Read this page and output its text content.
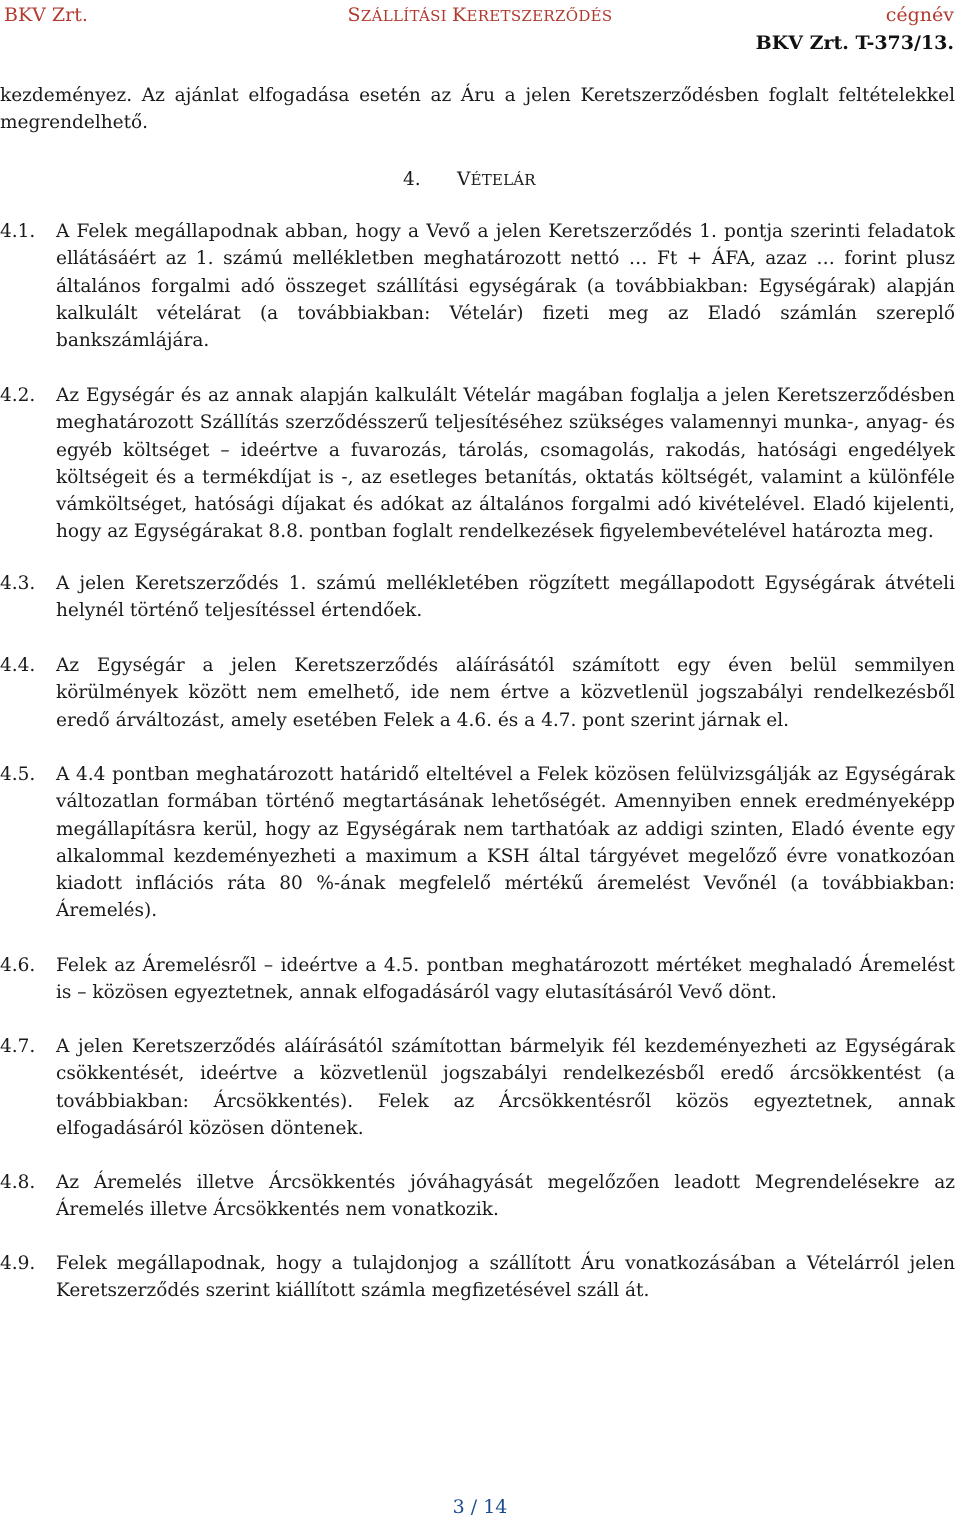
BKV Zrt.	SZÁLLÍTÁSI KERETSZERZŐDÉS	cégnév
BKV Zrt. T-373/13.
kezdeményez. Az ajánlat elfogadása esetén az Áru a jelen Keretszerződésben foglalt feltételekkel megrendelhető.
4. VÉTELÁR
4.1.	A Felek megállapodnak abban, hogy a Vevő a jelen Keretszerződés 1. pontja szerinti feladatok ellátásáért az 1. számú mellékletben meghatározott nettó … Ft + ÁFA, azaz … forint plusz általános forgalmi adó összeget szállítási egységárak (a továbbiakban: Egységárak) alapján kalkulált vételárat (a továbbiakban: Vételár) fizeti meg az Eladó számlán szereplő bankszámlájára.
4.2.	Az Egységár és az annak alapján kalkulált Vételár magában foglalja a jelen Keretszerződésben meghatározott Szállítás szerződésszerű teljesítéséhez szükséges valamennyi munka-, anyag- és egyéb költséget – ideértve a fuvarozás, tárolás, csomagolás, rakodás, hatósági engedélyek költségeit és a termékdíjat is -, az esetleges betanítás, oktatás költségét, valamint a különféle vámköltséget, hatósági díjakat és adókat az általános forgalmi adó kivételével. Eladó kijelenti, hogy az Egységárakat 8.8. pontban foglalt rendelkezések figyelembevételével határozta meg.
4.3.	A jelen Keretszerződés 1. számú mellékletében rögzített megállapodott Egységárak átvételi helynél történő teljesítéssel értendőek.
4.4.	Az Egységár a jelen Keretszerződés aláírásától számított egy éven belül semmilyen körülmények között nem emelhető, ide nem értve a közvetlenül jogszabályi rendelkezésből eredő árváltozást, amely esetében Felek a 4.6. és a 4.7. pont szerint járnak el.
4.5.	A 4.4 pontban meghatározott határidő elteltével a Felek közösen felülvizsgálják az Egységárak változatlan formában történő megtartásának lehetőségét. Amennyiben ennek eredményeképp megállapításra kerül, hogy az Egységárak nem tarthatóak az addigi szinten, Eladó évente egy alkalommal kezdeményezheti a maximum a KSH által tárgyévet megelőző évre vonatkozóan kiadott inflációs ráta 80 %-ának megfelelő mértékű áremelést Vevőnél (a továbbiakban: Áremelés).
4.6.	Felek az Áremelésről – ideértve a 4.5. pontban meghatározott mértéket meghaladó Áremelést is – közösen egyeztetnek, annak elfogadásáról vagy elutasításáról Vevő dönt.
4.7.	A jelen Keretszerződés aláírásától számítottan bármelyik fél kezdeményezheti az Egységárak csökkentését, ideértve a közvetlenül jogszabályi rendelkezésből eredő árcsökkentést (a továbbiakban: Árcsökkentés). Felek az Árcsökkentésről közös egyeztetnek, annak elfogadásáról közösen döntenek.
4.8.	Az Áremelés illetve Árcsökkentés jóváhagyását megelőzően leadott Megrendelésekre az Áremelés illetve Árcsökkentés nem vonatkozik.
4.9.	Felek megállapodnak, hogy a tulajdonjog a szállított Áru vonatkozásában a Vételárról jelen Keretszerződés szerint kiállított számla megfizetésével száll át.
3 / 14
